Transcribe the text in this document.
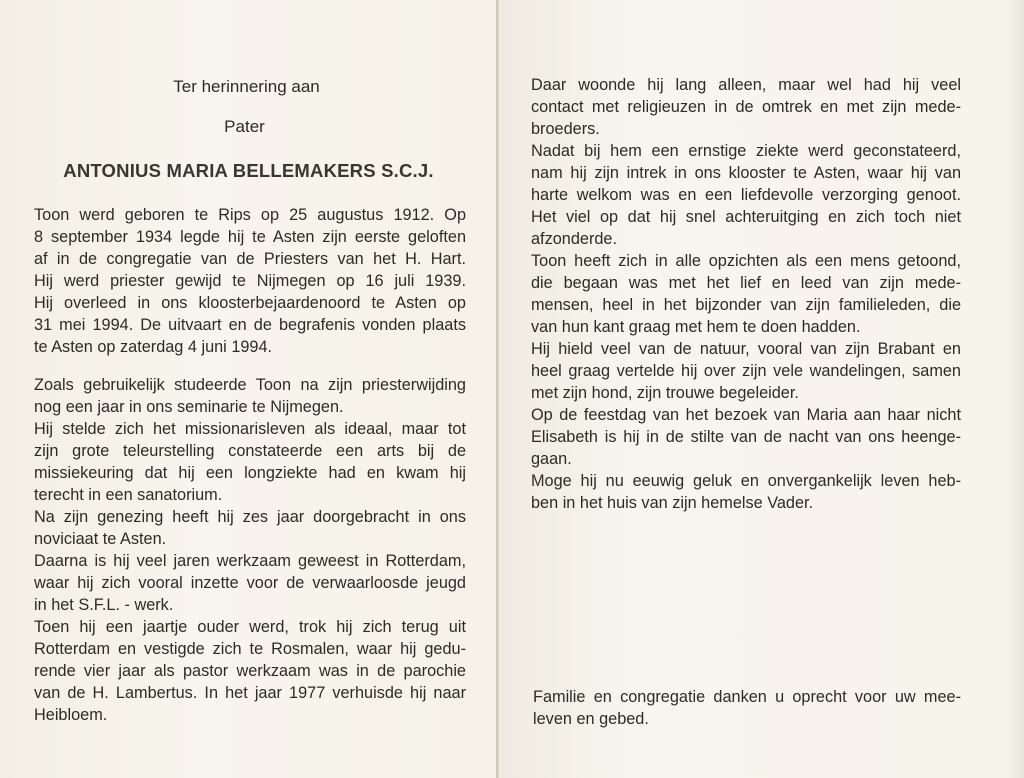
Ter herinnering aan

Pater

ANTONIUS MARIA BELLEMAKERS S.C.J.
Toon werd geboren te Rips op 25 augustus 1912. Op
8 september 1934 legde hij te Asten zijn eerste geloften
af in de congregatie van de Priesters van het H. Hart.
Hij werd priester gewijd te Nijmegen op 16 juli 1939.
Hij overleed in ons kloosterbejaardenoord te Asten op
31 mei 1994. De uitvaart en de begrafenis vonden plaats
te Asten op zaterdag 4 juni 1994.
Zoals gebruikelijk studeerde Toon na zijn priesterwijding
nog een jaar in ons seminarie te Nijmegen.
Hij stelde zich het missionarisleven als ideaal, maar tot
zijn grote teleurstelling constateerde een arts bij de
missiekeuring dat hij een longziekte had en kwam hij
terecht in een sanatorium.
Na zijn genezing heeft hij zes jaar doorgebracht in ons
noviciaat te Asten.
Daarna is hij veel jaren werkzaam geweest in Rotterdam,
waar hij zich vooral inzette voor de verwaarloosde jeugd
in het S.F.L. - werk.
Toen hij een jaartje ouder werd, trok hij zich terug uit
Rotterdam en vestigde zich te Rosmalen, waar hij gedu-
rende vier jaar als pastor werkzaam was in de parochie
van de H. Lambertus. In het jaar 1977 verhuisde hij naar
Heibloem.
Daar woonde hij lang alleen, maar wel had hij veel
contact met religieuzen in de omtrek en met zijn mede-
broeders.
Nadat bij hem een ernstige ziekte werd geconstateerd,
nam hij zijn intrek in ons klooster te Asten, waar hij van
harte welkom was en een liefdevolle verzorging genoot.
Het viel op dat hij snel achteruitging en zich toch niet
afzonderde.
Toon heeft zich in alle opzichten als een mens getoond,
die begaan was met het lief en leed van zijn mede-
mensen, heel in het bijzonder van zijn familieleden, die
van hun kant graag met hem te doen hadden.
Hij hield veel van de natuur, vooral van zijn Brabant en
heel graag vertelde hij over zijn vele wandelingen, samen
met zijn hond, zijn trouwe begeleider.
Op de feestdag van het bezoek van Maria aan haar nicht
Elisabeth is hij in de stilte van de nacht van ons heenge-
gaan.
Moge hij nu eeuwig geluk en onvergankelijk leven heb-
ben in het huis van zijn hemelse Vader.
Familie en congregatie danken u oprecht voor uw mee-
leven en gebed.
